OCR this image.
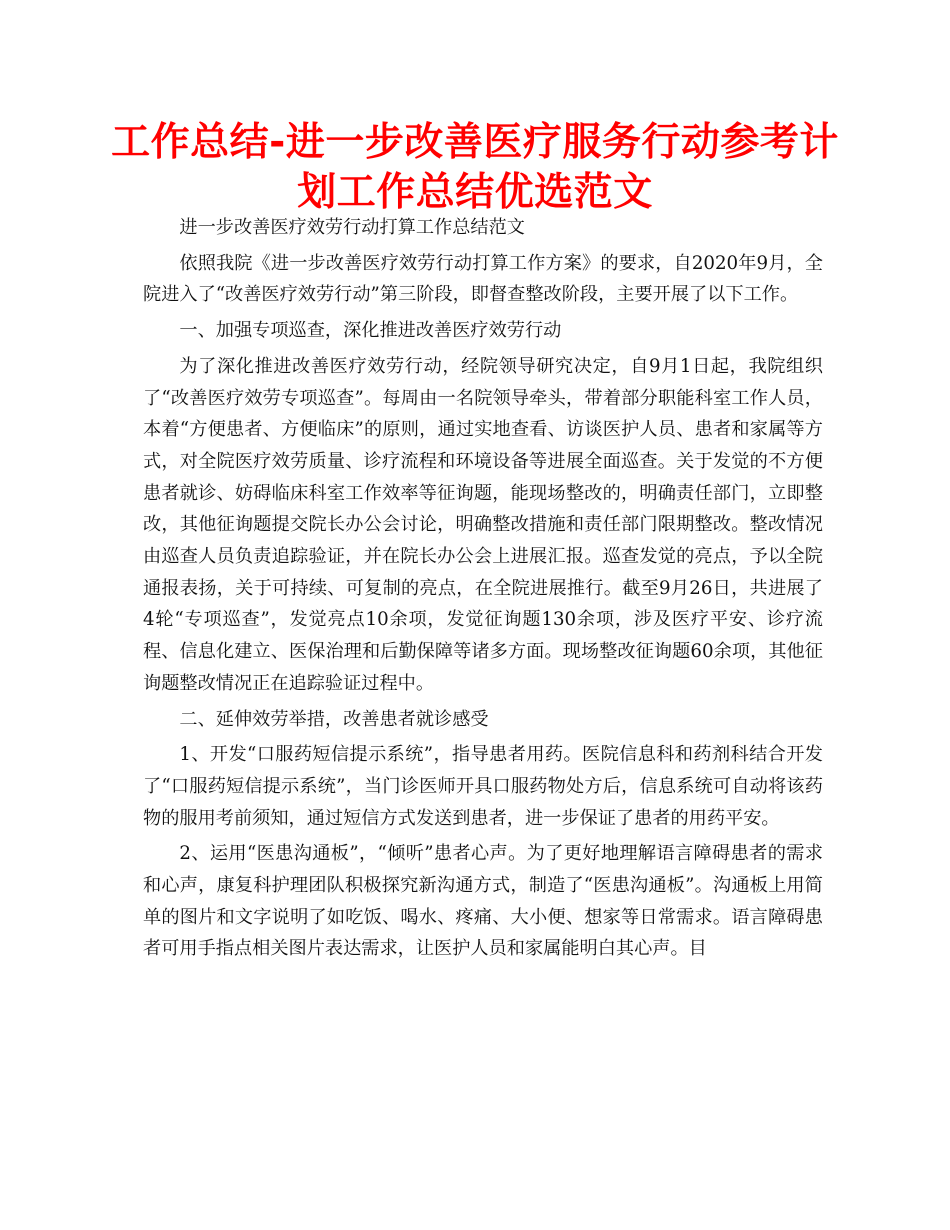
工作总结-进一步改善医疗服务行动参考计划工作总结优选范文

进一步改善医疗效劳行动打算工作总结范文

依照我院《进一步改善医疗效劳行动打算工作方案》的要求，自2020年9月，全院进入了“改善医疗效劳行动”第三阶段，即督查整改阶段，主要开展了以下工作。

一、加强专项巡查，深化推进改善医疗效劳行动

为了深化推进改善医疗效劳行动，经院领导研究决定，自9月1日起，我院组织了“改善医疗效劳专项巡查”。每周由一名院领导牵头，带着部分职能科室工作人员，本着“方便患者、方便临床”的原则，通过实地查看、访谈医护人员、患者和家属等方式，对全院医疗效劳质量、诊疗流程和环境设备等进展全面巡查。关于发觉的不方便患者就诊、妨碍临床科室工作效率等征询题，能现场整改的，明确责任部门，立即整改，其他征询题提交院长办公会讨论，明确整改措施和责任部门限期整改。整改情况由巡查人员负责追踪验证，并在院长办公会上进展汇报。巡查发觉的亮点，予以全院通报表扬，关于可持续、可复制的亮点，在全院进展推行。截至9月26日，共进展了4轮“专项巡查”，发觉亮点10余项，发觉征询题130余项，涉及医疗平安、诊疗流程、信息化建立、医保治理和后勤保障等诸多方面。现场整改征询题60余项，其他征询题整改情况正在追踪验证过程中。

二、延伸效劳举措，改善患者就诊感受

1、开发“口服药短信提示系统”，指导患者用药。医院信息科和药剂科结合开发了“口服药短信提示系统”，当门诊医师开具口服药物处方后，信息系统可自动将该药物的服用考前须知，通过短信方式发送到患者，进一步保证了患者的用药平安。

2、运用“医患沟通板”，“倾听”患者心声。为了更好地理解语言障碍患者的需求和心声，康复科护理团队积极探究新沟通方式，制造了“医患沟通板”。沟通板上用简单的图片和文字说明了如吃饭、喝水、疼痛、大小便、想家等日常需求。语言障碍患者可用手指点相关图片表达需求，让医护人员和家属能明白其心声。目
